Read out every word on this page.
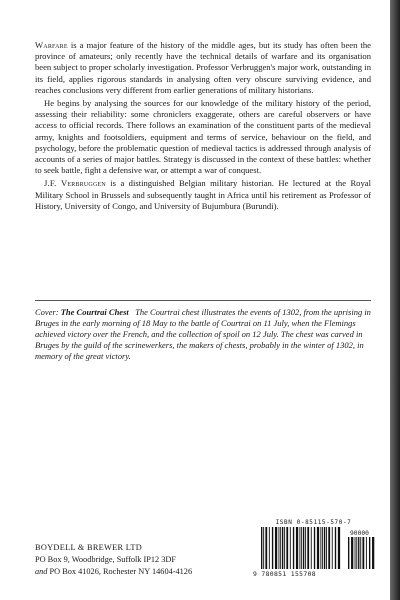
Warfare is a major feature of the history of the middle ages, but its study has often been the province of amateurs; only recently have the technical details of warfare and its organisation been subject to proper scholarly investigation. Professor Verbruggen's major work, outstanding in its field, applies rigorous standards in analysing often very obscure surviving evidence, and reaches conclusions very different from earlier generations of military historians.

He begins by analysing the sources for our knowledge of the military history of the period, assessing their reliability: some chroniclers exaggerate, others are careful observers or have access to official records. There follows an examination of the constituent parts of the medieval army, knights and footsoldiers, equipment and terms of service, behaviour on the field, and psychology, before the problematic question of medieval tactics is addressed through analysis of accounts of a series of major battles. Strategy is discussed in the context of these battles: whether to seek battle, fight a defensive war, or attempt a war of conquest.

J.F. Verbruggen is a distinguished Belgian military historian. He lectured at the Royal Military School in Brussels and subsequently taught in Africa until his retirement as Professor of History, University of Congo, and University of Bujumbura (Burundi).

Cover: The Courtrai Chest   The Courtrai chest illustrates the events of 1302, from the uprising in Bruges in the early morning of 18 May to the battle of Courtrai on 11 July, when the Flemings achieved victory over the French, and the collection of spoil on 12 July. The chest was carved in Bruges by the guild of the scrinewerkers, the makers of chests, probably in the winter of 1302, in memory of the great victory.
BOYDELL & BREWER LTD
PO Box 9, Woodbridge, Suffolk IP12 3DF
and PO Box 41026, Rochester NY 14604-4126
ISBN 0-85115-570-7
90000
9 780851 155708
